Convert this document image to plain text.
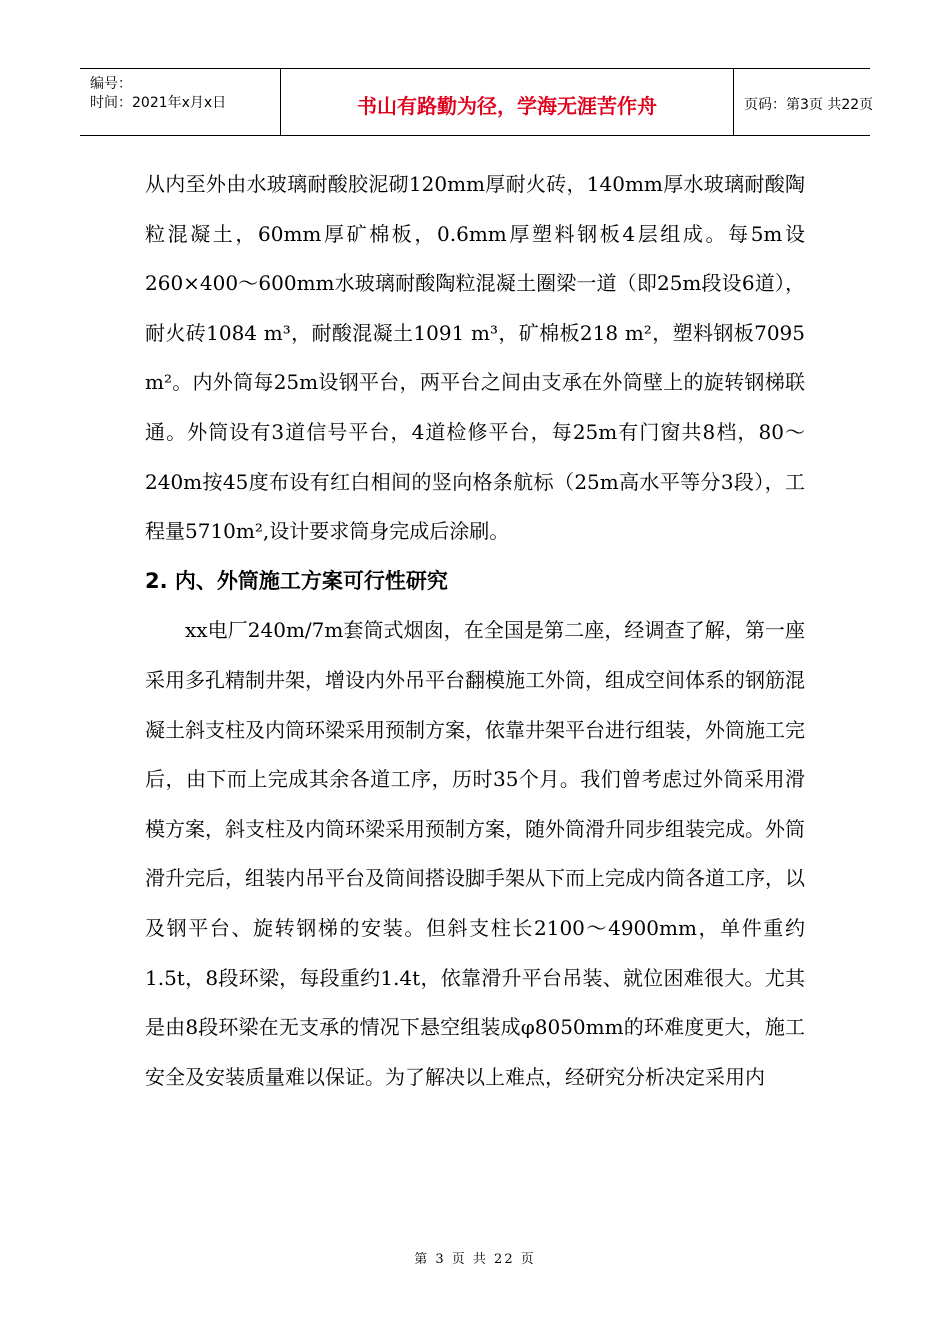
编号：
时间：2021年x月x日	书山有路勤为径，学海无涯苦作舟	页码：第3页 共22页

从内至外由水玻璃耐酸胶泥砌120mm厚耐火砖，140mm厚水玻璃耐酸陶粒混凝土，60mm厚矿棉板，0.6mm厚塑料钢板4层组成。每5m设260×400～600mm水玻璃耐酸陶粒混凝土圈梁一道（即25m段设6道），耐火砖1084 m³，耐酸混凝土1091 m³，矿棉板218 m²，塑料钢板7095 m²。内外筒每25m设钢平台，两平台之间由支承在外筒壁上的旋转钢梯联通。外筒设有3道信号平台，4道检修平台，每25m有门窗共8档，80～240m按45度布设有红白相间的竖向格条航标（25m高水平等分3段），工程量5710m²,设计要求筒身完成后涂刷。

2. 内、外筒施工方案可行性研究

xx电厂240m/7m套筒式烟囱，在全国是第二座，经调查了解，第一座采用多孔精制井架，增设内外吊平台翻模施工外筒，组成空间体系的钢筋混凝土斜支柱及内筒环梁采用预制方案，依靠井架平台进行组装，外筒施工完后，由下而上完成其余各道工序，历时35个月。我们曾考虑过外筒采用滑模方案，斜支柱及内筒环梁采用预制方案，随外筒滑升同步组装完成。外筒滑升完后，组装内吊平台及筒间搭设脚手架从下而上完成内筒各道工序，以及钢平台、旋转钢梯的安装。但斜支柱长2100～4900mm，单件重约1.5t，8段环梁，每段重约1.4t，依靠滑升平台吊装、就位困难很大。尤其是由8段环梁在无支承的情况下悬空组装成φ8050mm的环难度更大，施工安全及安装质量难以保证。为了解决以上难点，经研究分析决定采用内

第 3 页 共 22 页
